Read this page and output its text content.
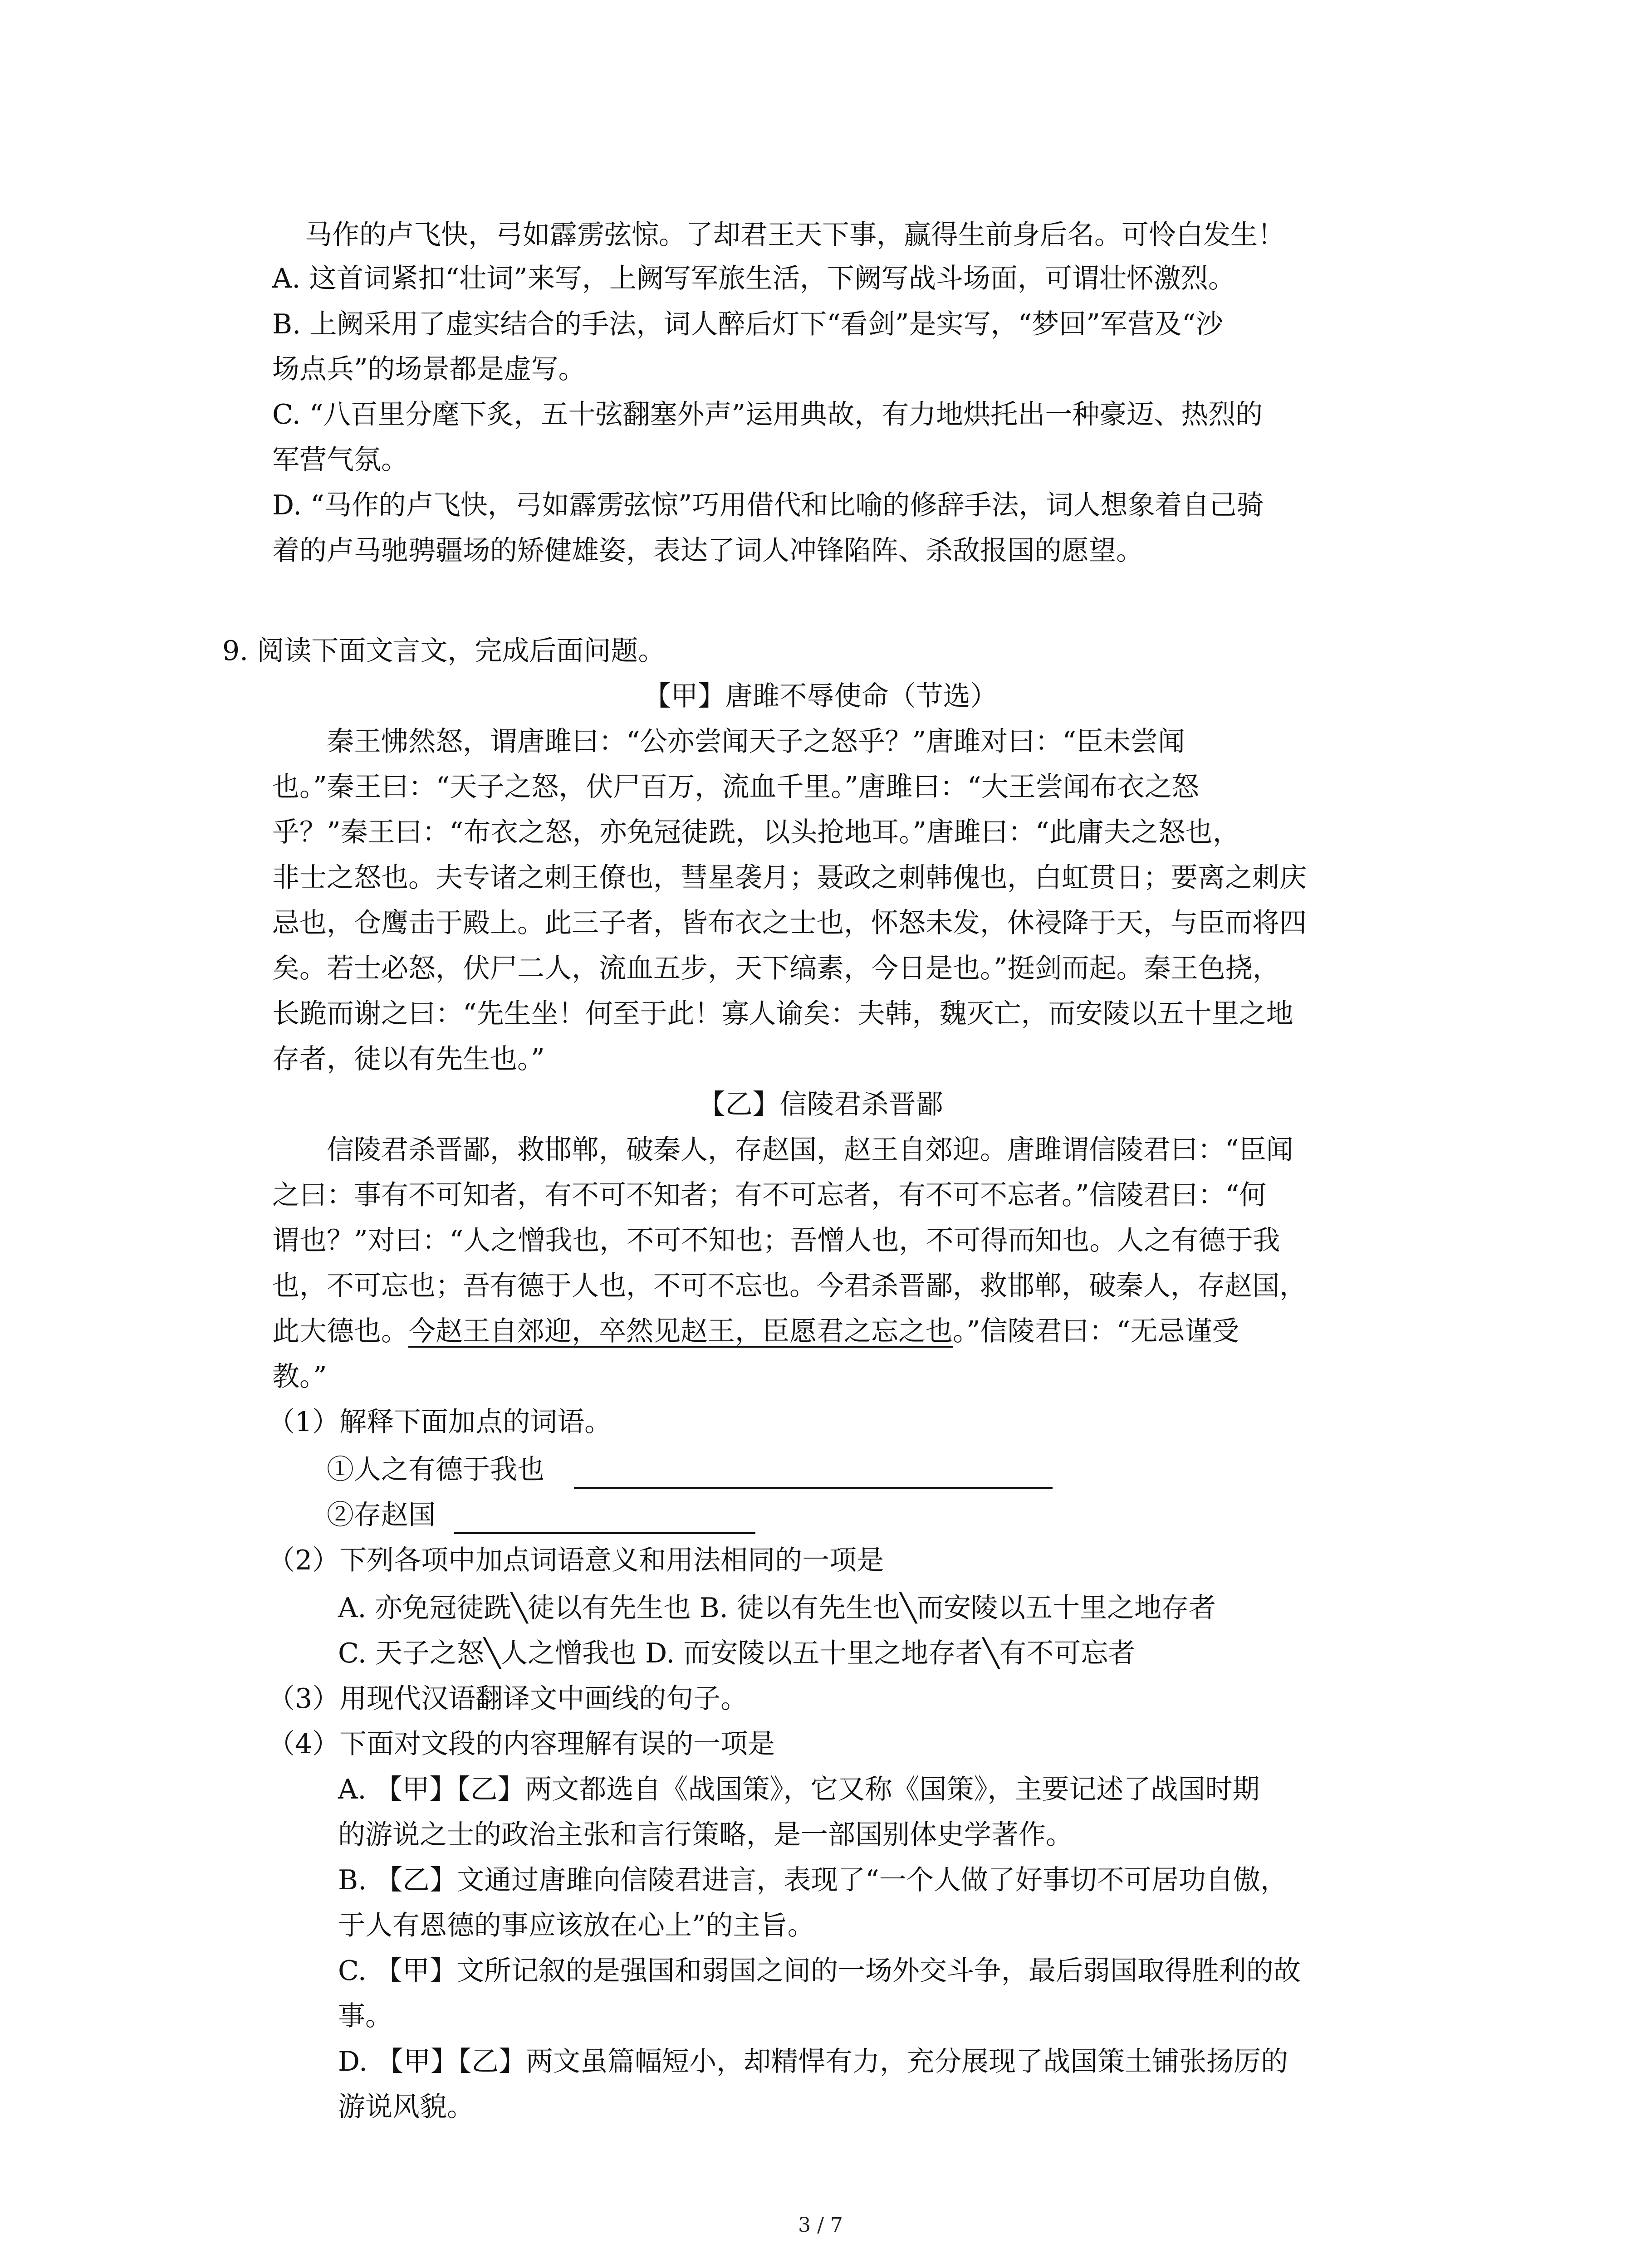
马作的卢飞快，弓如霹雳弦惊。了却君王天下事，赢得生前身后名。可怜白发生！
A. 这首词紧扣“壮词”来写，上阙写军旅生活，下阙写战斗场面，可谓壮怀激烈。
B. 上阙采用了虚实结合的手法，词人醉后灯下“看剑”是实写，“梦回”军营及“沙
场点兵”的场景都是虚写。
C. “八百里分麾下炙，五十弦翻塞外声”运用典故，有力地烘托出一种豪迈、热烈的
军营气氛。
D. “马作的卢飞快，弓如霹雳弦惊”巧用借代和比喻的修辞手法，词人想象着自己骑
着的卢马驰骋疆场的矫健雄姿，表达了词人冲锋陷阵、杀敌报国的愿望。
9. 阅读下面文言文，完成后面问题。
【甲】唐雎不辱使命（节选）
秦王怫然怒，谓唐雎曰：“公亦尝闻天子之怒乎？”唐雎对曰：“臣未尝闻
也。”秦王曰：“天子之怒，伏尸百万，流血千里。”唐雎曰：“大王尝闻布衣之怒
乎？”秦王曰：“布衣之怒，亦免冠徒跣，以头抢地耳。”唐雎曰：“此庸夫之怒也，
非士之怒也。夫专诸之刺王僚也，彗星袭月；聂政之刺韩傀也，白虹贯日；要离之刺庆
忌也，仓鹰击于殿上。此三子者，皆布衣之士也，怀怒未发，休祲降于天，与臣而将四
矣。若士必怒，伏尸二人，流血五步，天下缟素，今日是也。”挺剑而起。秦王色挠，
长跪而谢之曰：“先生坐！何至于此！寡人谕矣：夫韩，魏灭亡，而安陵以五十里之地
存者，徒以有先生也。”
【乙】信陵君杀晋鄙
信陵君杀晋鄙，救邯郸，破秦人，存赵国，赵王自郊迎。唐雎谓信陵君曰：“臣闻
之曰：事有不可知者，有不可不知者；有不可忘者，有不可不忘者。”信陵君曰：“何
谓也？”对曰：“人之憎我也，不可不知也；吾憎人也，不可得而知也。人之有德于我
也，不可忘也；吾有德于人也，不可不忘也。今君杀晋鄙，救邯郸，破秦人，存赵国，
此大德也。今赵王自郊迎，卒然见赵王，臣愿君之忘之也。”信陵君曰：“无忌谨受
教。”
（1）解释下面加点的词语。
①人之有德于我也
②存赵国
（2）下列各项中加点词语意义和用法相同的一项是
A. 亦免冠徒跣╲徒以有先生也 B. 徒以有先生也╲而安陵以五十里之地存者
C. 天子之怒╲人之憎我也 D. 而安陵以五十里之地存者╲有不可忘者
（3）用现代汉语翻译文中画线的句子。
（4）下面对文段的内容理解有误的一项是
A. 【甲】【乙】两文都选自《战国策》，它又称《国策》，主要记述了战国时期
的游说之士的政治主张和言行策略，是一部国别体史学著作。
B. 【乙】文通过唐雎向信陵君进言，表现了“一个人做了好事切不可居功自傲，
于人有恩德的事应该放在心上”的主旨。
C. 【甲】文所记叙的是强国和弱国之间的一场外交斗争，最后弱国取得胜利的故
事。
D. 【甲】【乙】两文虽篇幅短小，却精悍有力，充分展现了战国策土铺张扬厉的
游说风貌。
3 / 7
